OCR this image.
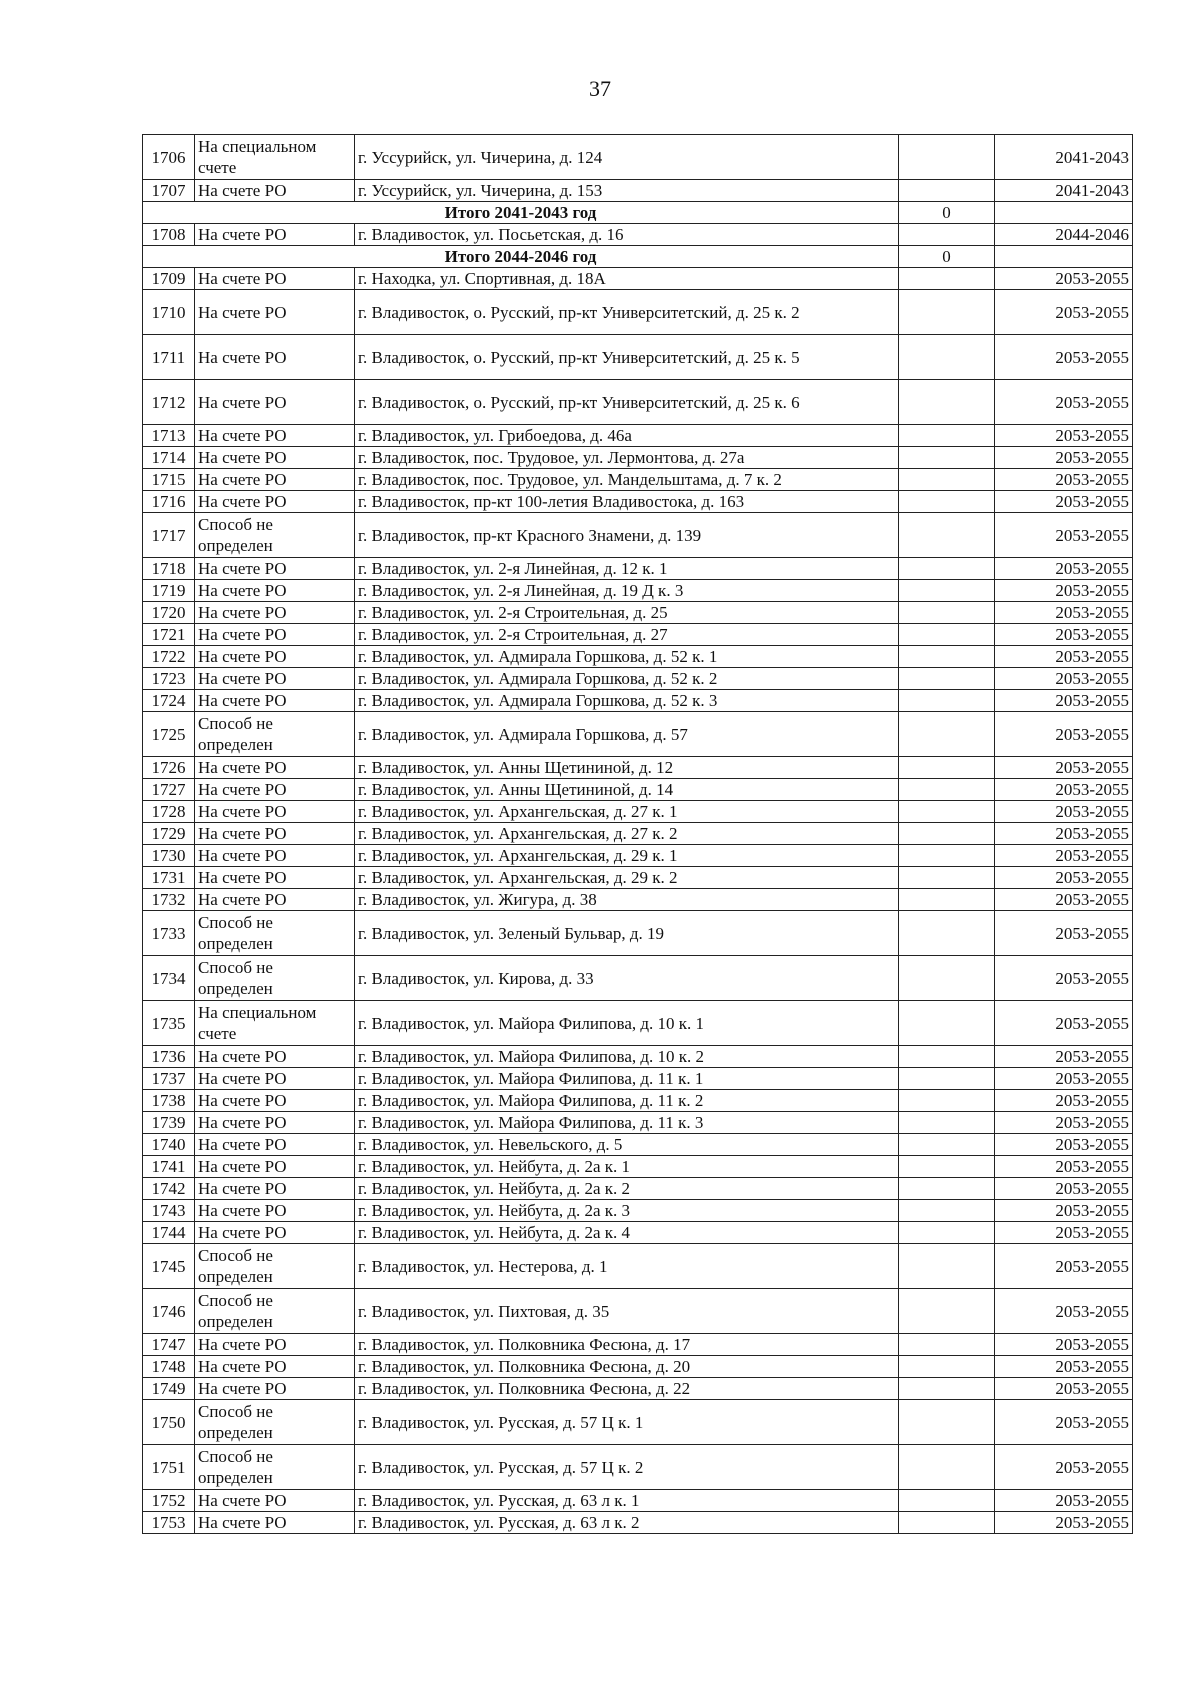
37
1706	На специальном счете	г. Уссурийск, ул. Чичерина, д. 124		2041-2043
1707	На счете РО	г. Уссурийск, ул. Чичерина, д. 153		2041-2043
Итого 2041-2043 год			0	
1708	На счете РО	г. Владивосток, ул. Посьетская, д. 16		2044-2046
Итого 2044-2046 год			0	
1709	На счете РО	г. Находка, ул. Спортивная, д. 18А		2053-2055
1710	На счете РО	г. Владивосток, о. Русский, пр-кт Университетский, д. 25 к. 2		2053-2055
1711	На счете РО	г. Владивосток, о. Русский, пр-кт Университетский, д. 25 к. 5		2053-2055
1712	На счете РО	г. Владивосток, о. Русский, пр-кт Университетский, д. 25 к. 6		2053-2055
1713	На счете РО	г. Владивосток, ул. Грибоедова, д. 46а		2053-2055
1714	На счете РО	г. Владивосток, пос. Трудовое, ул. Лермонтова, д. 27а		2053-2055
1715	На счете РО	г. Владивосток, пос. Трудовое, ул. Мандельштама, д. 7 к. 2		2053-2055
1716	На счете РО	г. Владивосток, пр-кт 100-летия Владивостока, д. 163		2053-2055
1717	Способ не определен	г. Владивосток, пр-кт Красного Знамени, д. 139		2053-2055
1718	На счете РО	г. Владивосток, ул. 2-я Линейная, д. 12 к. 1		2053-2055
1719	На счете РО	г. Владивосток, ул. 2-я Линейная, д. 19 Д к. 3		2053-2055
1720	На счете РО	г. Владивосток, ул. 2-я Строительная, д. 25		2053-2055
1721	На счете РО	г. Владивосток, ул. 2-я Строительная, д. 27		2053-2055
1722	На счете РО	г. Владивосток, ул. Адмирала Горшкова, д. 52 к. 1		2053-2055
1723	На счете РО	г. Владивосток, ул. Адмирала Горшкова, д. 52 к. 2		2053-2055
1724	На счете РО	г. Владивосток, ул. Адмирала Горшкова, д. 52 к. 3		2053-2055
1725	Способ не определен	г. Владивосток, ул. Адмирала Горшкова, д. 57		2053-2055
1726	На счете РО	г. Владивосток, ул. Анны Щетининой, д. 12		2053-2055
1727	На счете РО	г. Владивосток, ул. Анны Щетининой, д. 14		2053-2055
1728	На счете РО	г. Владивосток, ул. Архангельская, д. 27 к. 1		2053-2055
1729	На счете РО	г. Владивосток, ул. Архангельская, д. 27 к. 2		2053-2055
1730	На счете РО	г. Владивосток, ул. Архангельская, д. 29 к. 1		2053-2055
1731	На счете РО	г. Владивосток, ул. Архангельская, д. 29 к. 2		2053-2055
1732	На счете РО	г. Владивосток, ул. Жигура, д. 38		2053-2055
1733	Способ не определен	г. Владивосток, ул. Зеленый Бульвар, д. 19		2053-2055
1734	Способ не определен	г. Владивосток, ул. Кирова, д. 33		2053-2055
1735	На специальном счете	г. Владивосток, ул. Майора Филипова, д. 10 к. 1		2053-2055
1736	На счете РО	г. Владивосток, ул. Майора Филипова, д. 10 к. 2		2053-2055
1737	На счете РО	г. Владивосток, ул. Майора Филипова, д. 11 к. 1		2053-2055
1738	На счете РО	г. Владивосток, ул. Майора Филипова, д. 11 к. 2		2053-2055
1739	На счете РО	г. Владивосток, ул. Майора Филипова, д. 11 к. 3		2053-2055
1740	На счете РО	г. Владивосток, ул. Невельского, д. 5		2053-2055
1741	На счете РО	г. Владивосток, ул. Нейбута, д. 2а к. 1		2053-2055
1742	На счете РО	г. Владивосток, ул. Нейбута, д. 2а к. 2		2053-2055
1743	На счете РО	г. Владивосток, ул. Нейбута, д. 2а к. 3		2053-2055
1744	На счете РО	г. Владивосток, ул. Нейбута, д. 2а к. 4		2053-2055
1745	Способ не определен	г. Владивосток, ул. Нестерова, д. 1		2053-2055
1746	Способ не определен	г. Владивосток, ул. Пихтовая, д. 35		2053-2055
1747	На счете РО	г. Владивосток, ул. Полковника Фесюна, д. 17		2053-2055
1748	На счете РО	г. Владивосток, ул. Полковника Фесюна, д. 20		2053-2055
1749	На счете РО	г. Владивосток, ул. Полковника Фесюна, д. 22		2053-2055
1750	Способ не определен	г. Владивосток, ул. Русская, д. 57 Ц к. 1		2053-2055
1751	Способ не определен	г. Владивосток, ул. Русская, д. 57 Ц к. 2		2053-2055
1752	На счете РО	г. Владивосток, ул. Русская, д. 63 л к. 1		2053-2055
1753	На счете РО	г. Владивосток, ул. Русская, д. 63 л к. 2		2053-2055
